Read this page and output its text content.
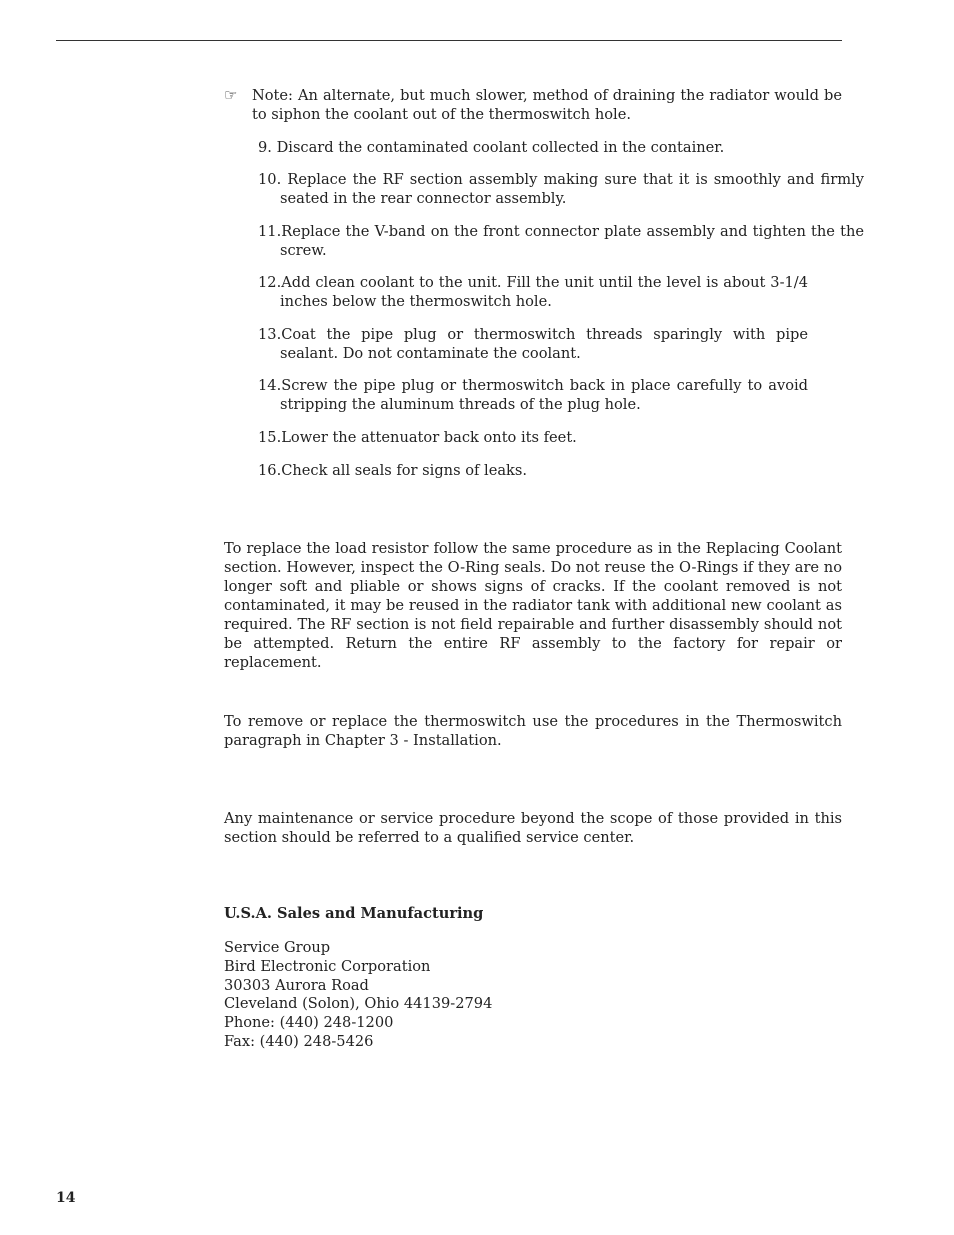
☞ Note: An alternate, but much slower, method of draining the radiator would be to siphon the coolant out of the thermoswitch hole.
9. Discard the contaminated coolant collected in the container.
10. Replace the RF section assembly making sure that it is smoothly and firmly seated in the rear connector assembly.
11.Replace the V-band on the front connector plate assembly and tighten the the screw.
12.Add clean coolant to the unit. Fill the unit until the level is about 3-1/4 inches below the thermoswitch hole.
13.Coat the pipe plug or thermoswitch threads sparingly with pipe sealant. Do not contaminate the coolant.
14.Screw the pipe plug or thermoswitch back in place carefully to avoid stripping the aluminum threads of the plug hole.
15.Lower the attenuator back onto its feet.
16.Check all seals for signs of leaks.
To replace the load resistor follow the same procedure as in the Replacing Coolant section. However, inspect the O-Ring seals. Do not reuse the O-Rings if they are no longer soft and pliable or shows signs of cracks. If the coolant removed is not contaminated, it may be reused in the radiator tank with additional new coolant as required. The RF section is not field repairable and further disassembly should not be attempted. Return the entire RF assembly to the factory for repair or replacement.
To remove or replace the thermoswitch use the procedures in the Thermoswitch paragraph in Chapter 3 - Installation.
Any maintenance or service procedure beyond the scope of those provided in this section should be referred to a qualified service center.
U.S.A. Sales and Manufacturing
Service Group
Bird Electronic Corporation
30303 Aurora Road
Cleveland (Solon), Ohio 44139-2794
Phone: (440) 248-1200
Fax: (440) 248-5426
14
